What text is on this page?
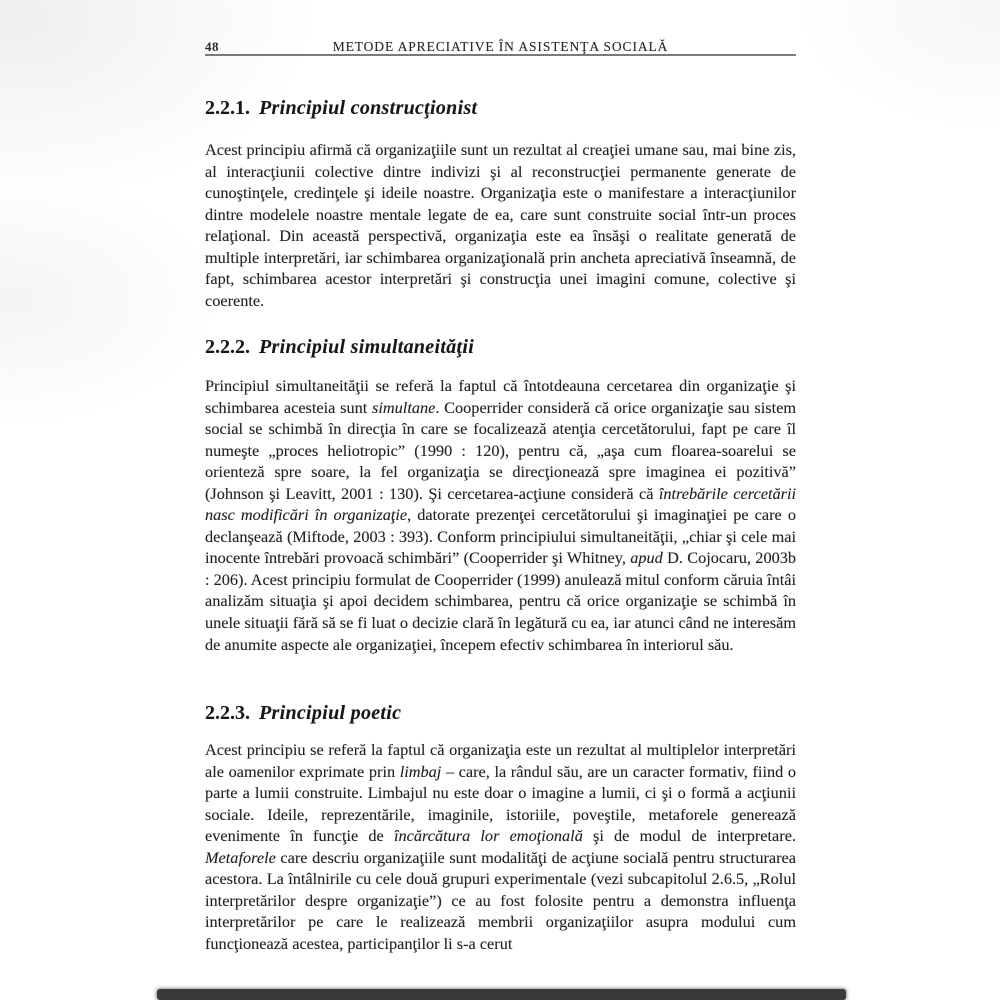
48	METODE APRECIATIVE ÎN ASISTENŢA SOCIALĂ
2.2.1. Principiul construcţionist

Acest principiu afirmă că organizaţiile sunt un rezultat al creaţiei umane sau, mai bine zis, al interacţiunii colective dintre indivizi şi al reconstrucţiei permanente generate de cunoştinţele, credinţele şi ideile noastre. Organizaţia este o manifestare a interacţiunilor dintre modelele noastre mentale legate de ea, care sunt construite social într-un proces relaţional. Din această perspectivă, organizaţia este ea însăşi o realitate generată de multiple interpretări, iar schimbarea organizaţională prin ancheta apreciativă înseamnă, de fapt, schimbarea acestor interpretări şi construcţia unei imagini comune, colective şi coerente.

2.2.2. Principiul simultaneităţii

Principiul simultaneităţii se referă la faptul că întotdeauna cercetarea din organizaţie şi schimbarea acesteia sunt simultane. Cooperrider consideră că orice organizaţie sau sistem social se schimbă în direcţia în care se focalizează atenţia cercetătorului, fapt pe care îl numeşte „proces heliotropic” (1990 : 120), pentru că, „aşa cum floarea-soarelui se orienteză spre soare, la fel organizaţia se direcţionează spre imaginea ei pozitivă” (Johnson şi Leavitt, 2001 : 130). Şi cercetarea-acţiune consideră că întrebările cercetării nasc modificări în organizaţie, datorate prezenţei cercetătorului şi imaginaţiei pe care o declanşează (Miftode, 2003 : 393). Conform principiului simultaneităţii, „chiar şi cele mai inocente întrebări provoacă schimbări” (Cooperrider şi Whitney, apud D. Cojocaru, 2003b : 206). Acest principiu formulat de Cooperrider (1999) anulează mitul conform căruia întâi analizăm situaţia şi apoi decidem schimbarea, pentru că orice organizaţie se schimbă în unele situaţii fără să se fi luat o decizie clară în legătură cu ea, iar atunci când ne interesăm de anumite aspecte ale organizaţiei, începem efectiv schimbarea în interiorul său.

2.2.3. Principiul poetic

Acest principiu se referă la faptul că organizaţia este un rezultat al multiplelor interpretări ale oamenilor exprimate prin limbaj – care, la rândul său, are un caracter formativ, fiind o parte a lumii construite. Limbajul nu este doar o imagine a lumii, ci şi o formă a acţiunii sociale. Ideile, reprezentările, imaginile, istoriile, poveştile, metaforele generează evenimente în funcţie de încărcătura lor emoţională şi de modul de interpretare. Metaforele care descriu organizaţiile sunt modalităţi de acţiune socială pentru structurarea acestora. La întâlnirile cu cele două grupuri experimentale (vezi subcapitolul 2.6.5, „Rolul interpretărilor despre organizaţie”) ce au fost folosite pentru a demonstra influenţa interpretărilor pe care le realizează membrii organizaţiilor asupra modului cum funcţionează acestea, participanţilor li s-a cerut
